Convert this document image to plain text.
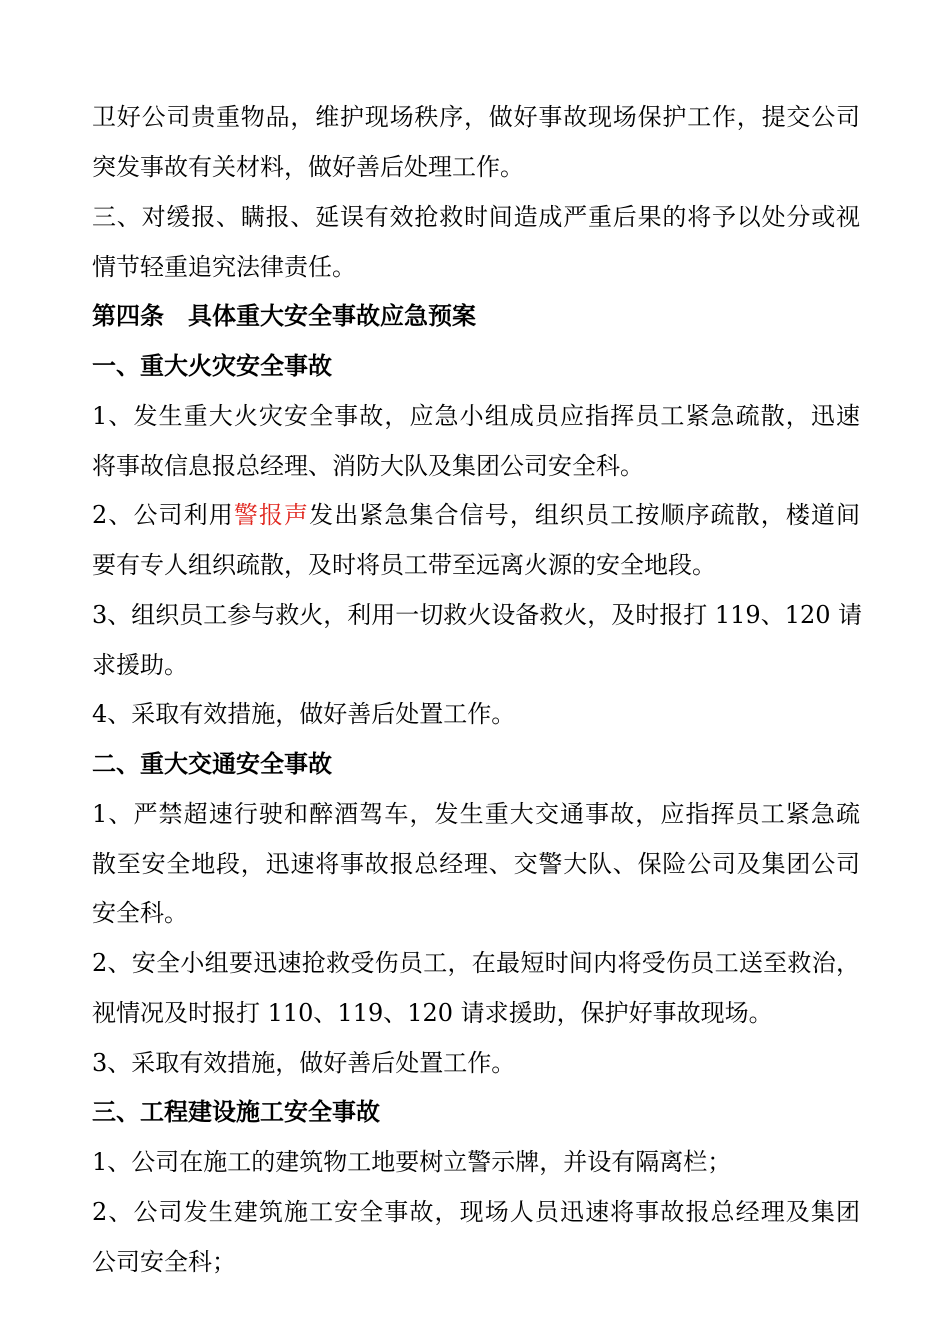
卫好公司贵重物品，维护现场秩序，做好事故现场保护工作，提交公司
突发事故有关材料，做好善后处理工作。
三、对缓报、瞒报、延误有效抢救时间造成严重后果的将予以处分或视
情节轻重追究法律责任。
第四条　具体重大安全事故应急预案
一、重大火灾安全事故
1、发生重大火灾安全事故，应急小组成员应指挥员工紧急疏散，迅速
将事故信息报总经理、消防大队及集团公司安全科。
2、公司利用警报声发出紧急集合信号，组织员工按顺序疏散，楼道间
要有专人组织疏散，及时将员工带至远离火源的安全地段。
3、组织员工参与救火，利用一切救火设备救火，及时报打 119、120 请
求援助。
4、采取有效措施，做好善后处置工作。
二、重大交通安全事故
1、严禁超速行驶和醉酒驾车，发生重大交通事故，应指挥员工紧急疏
散至安全地段，迅速将事故报总经理、交警大队、保险公司及集团公司
安全科。
2、安全小组要迅速抢救受伤员工，在最短时间内将受伤员工送至救治，
视情况及时报打 110、119、120 请求援助，保护好事故现场。
3、采取有效措施，做好善后处置工作。
三、工程建设施工安全事故
1、公司在施工的建筑物工地要树立警示牌，并设有隔离栏；
2、公司发生建筑施工安全事故，现场人员迅速将事故报总经理及集团
公司安全科；
